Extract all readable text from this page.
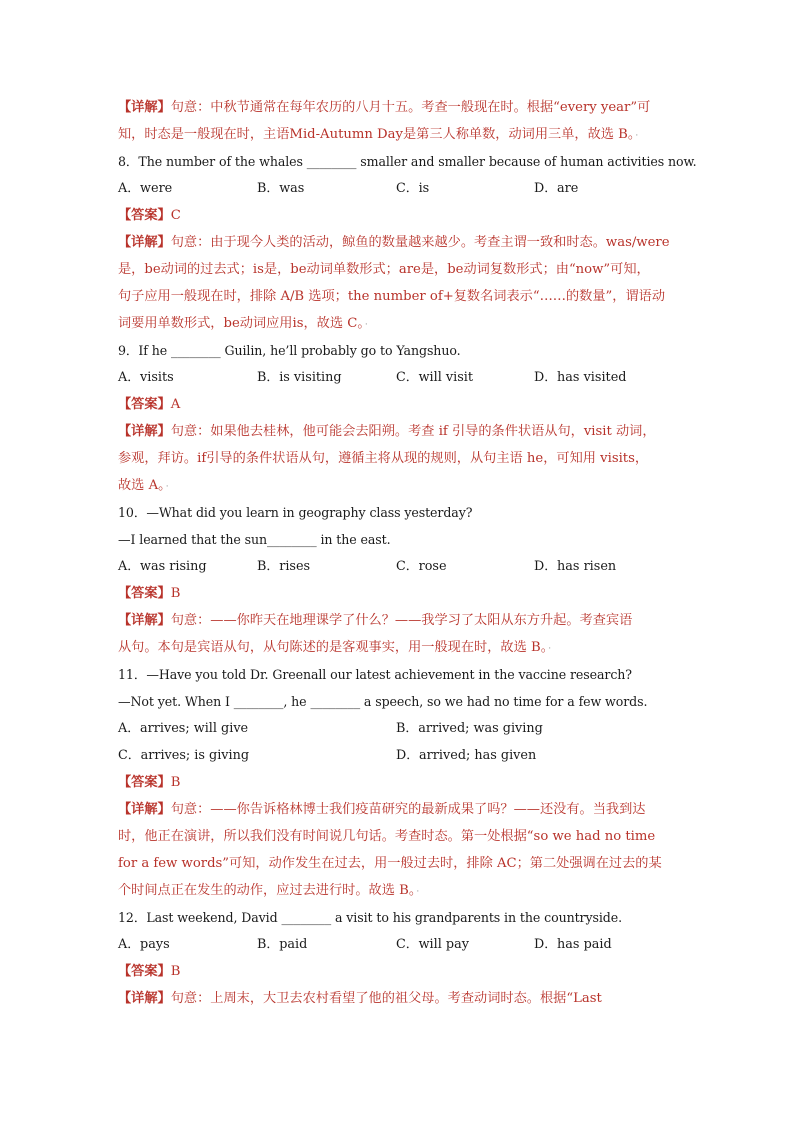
【详解】句意：中秋节通常在每年农历的八月十五。考查一般现在时。根据“every year”可
知，时态是一般现在时，主语Mid-Autumn Day是第三人称单数，动词用三单，故选 B。·
8．The number of the whales ________ smaller and smaller because of human activities now.
A．were	B．was	C．is	D．are
【答案】C
【详解】句意：由于现今人类的活动，鲸鱼的数量越来越少。考查主谓一致和时态。was/were
是，be动词的过去式；is是，be动词单数形式；are是，be动词复数形式；由“now”可知，
句子应用一般现在时，排除 A/B 选项；the number of+复数名词表示“……的数量”，谓语动
词要用单数形式，be动词应用is，故选 C。·
9．If he ________ Guilin, he’ll probably go to Yangshuo.
A．visits	B．is visiting	C．will visit	D．has visited
【答案】A
【详解】句意：如果他去桂林，他可能会去阳朔。考查 if 引导的条件状语从句，visit 动词，
参观，拜访。if引导的条件状语从句，遵循主将从现的规则，从句主语 he，可知用 visits，
故选 A。·
10．—What did you learn in geography class yesterday?
—I learned that the sun________ in the east.
A．was rising	B．rises	C．rose	D．has risen
【答案】B
【详解】句意：——你昨天在地理课学了什么？——我学习了太阳从东方升起。考查宾语
从句。本句是宾语从句，从句陈述的是客观事实，用一般现在时，故选 B。·
11．—Have you told Dr. Greenall our latest achievement in the vaccine research?
—Not yet. When I ________, he ________ a speech, so we had no time for a few words.
A．arrives; will give	B．arrived; was giving
C．arrives; is giving	D．arrived; has given
【答案】B
【详解】句意：——你告诉格林博士我们疫苗研究的最新成果了吗？——还没有。当我到达
时，他正在演讲，所以我们没有时间说几句话。考查时态。第一处根据“so we had no time
for a few words”可知，动作发生在过去，用一般过去时，排除 AC；第二处强调在过去的某
个时间点正在发生的动作，应过去进行时。故选 B。·
12．Last weekend, David ________ a visit to his grandparents in the countryside.
A．pays	B．paid	C．will pay	D．has paid
【答案】B
【详解】句意：上周末，大卫去农村看望了他的祖父母。考查动词时态。根据“Last
